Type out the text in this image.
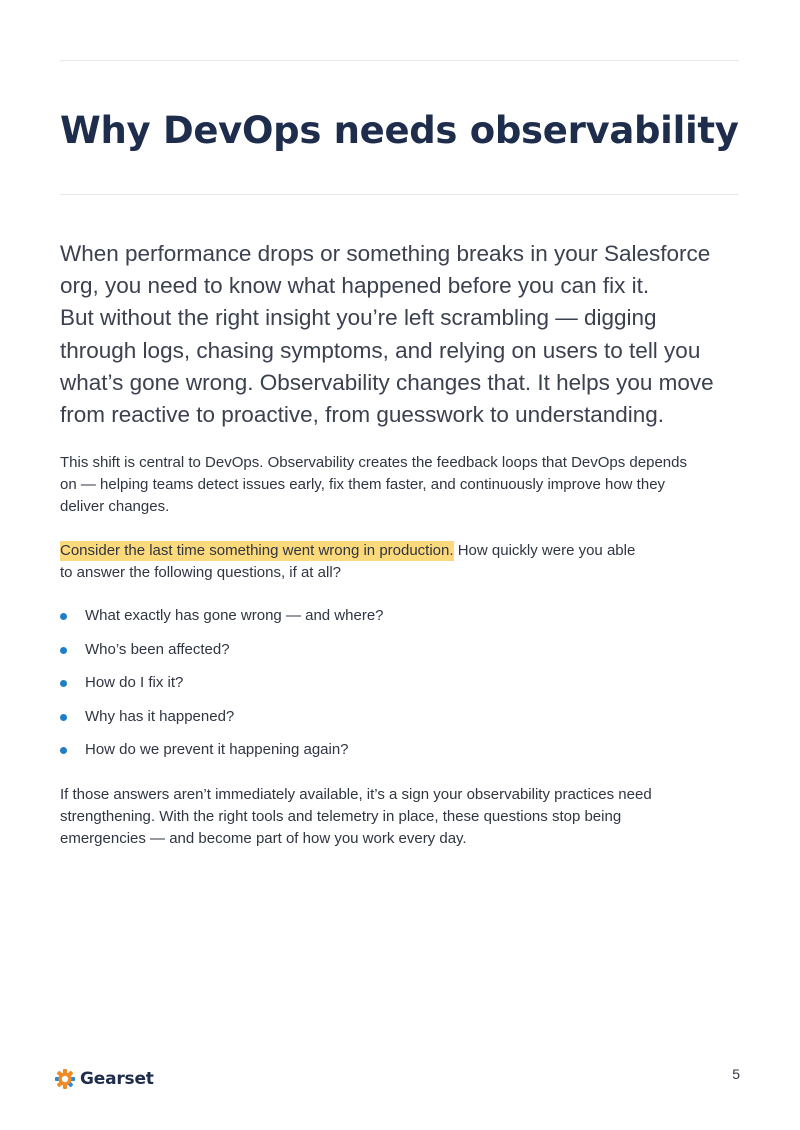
Why DevOps needs observability

When performance drops or something breaks in your Salesforce
org, you need to know what happened before you can fix it.
But without the right insight you’re left scrambling — digging
through logs, chasing symptoms, and relying on users to tell you
what’s gone wrong. Observability changes that. It helps you move
from reactive to proactive, from guesswork to understanding.

This shift is central to DevOps. Observability creates the feedback loops that DevOps depends
on — helping teams detect issues early, fix them faster, and continuously improve how they
deliver changes.

Consider the last time something went wrong in production. How quickly were you able
to answer the following questions, if at all?

What exactly has gone wrong — and where?
Who’s been affected?
How do I fix it?
Why has it happened?
How do we prevent it happening again?

If those answers aren’t immediately available, it’s a sign your observability practices need
strengthening. With the right tools and telemetry in place, these questions stop being
emergencies — and become part of how you work every day.

Gearset	5
